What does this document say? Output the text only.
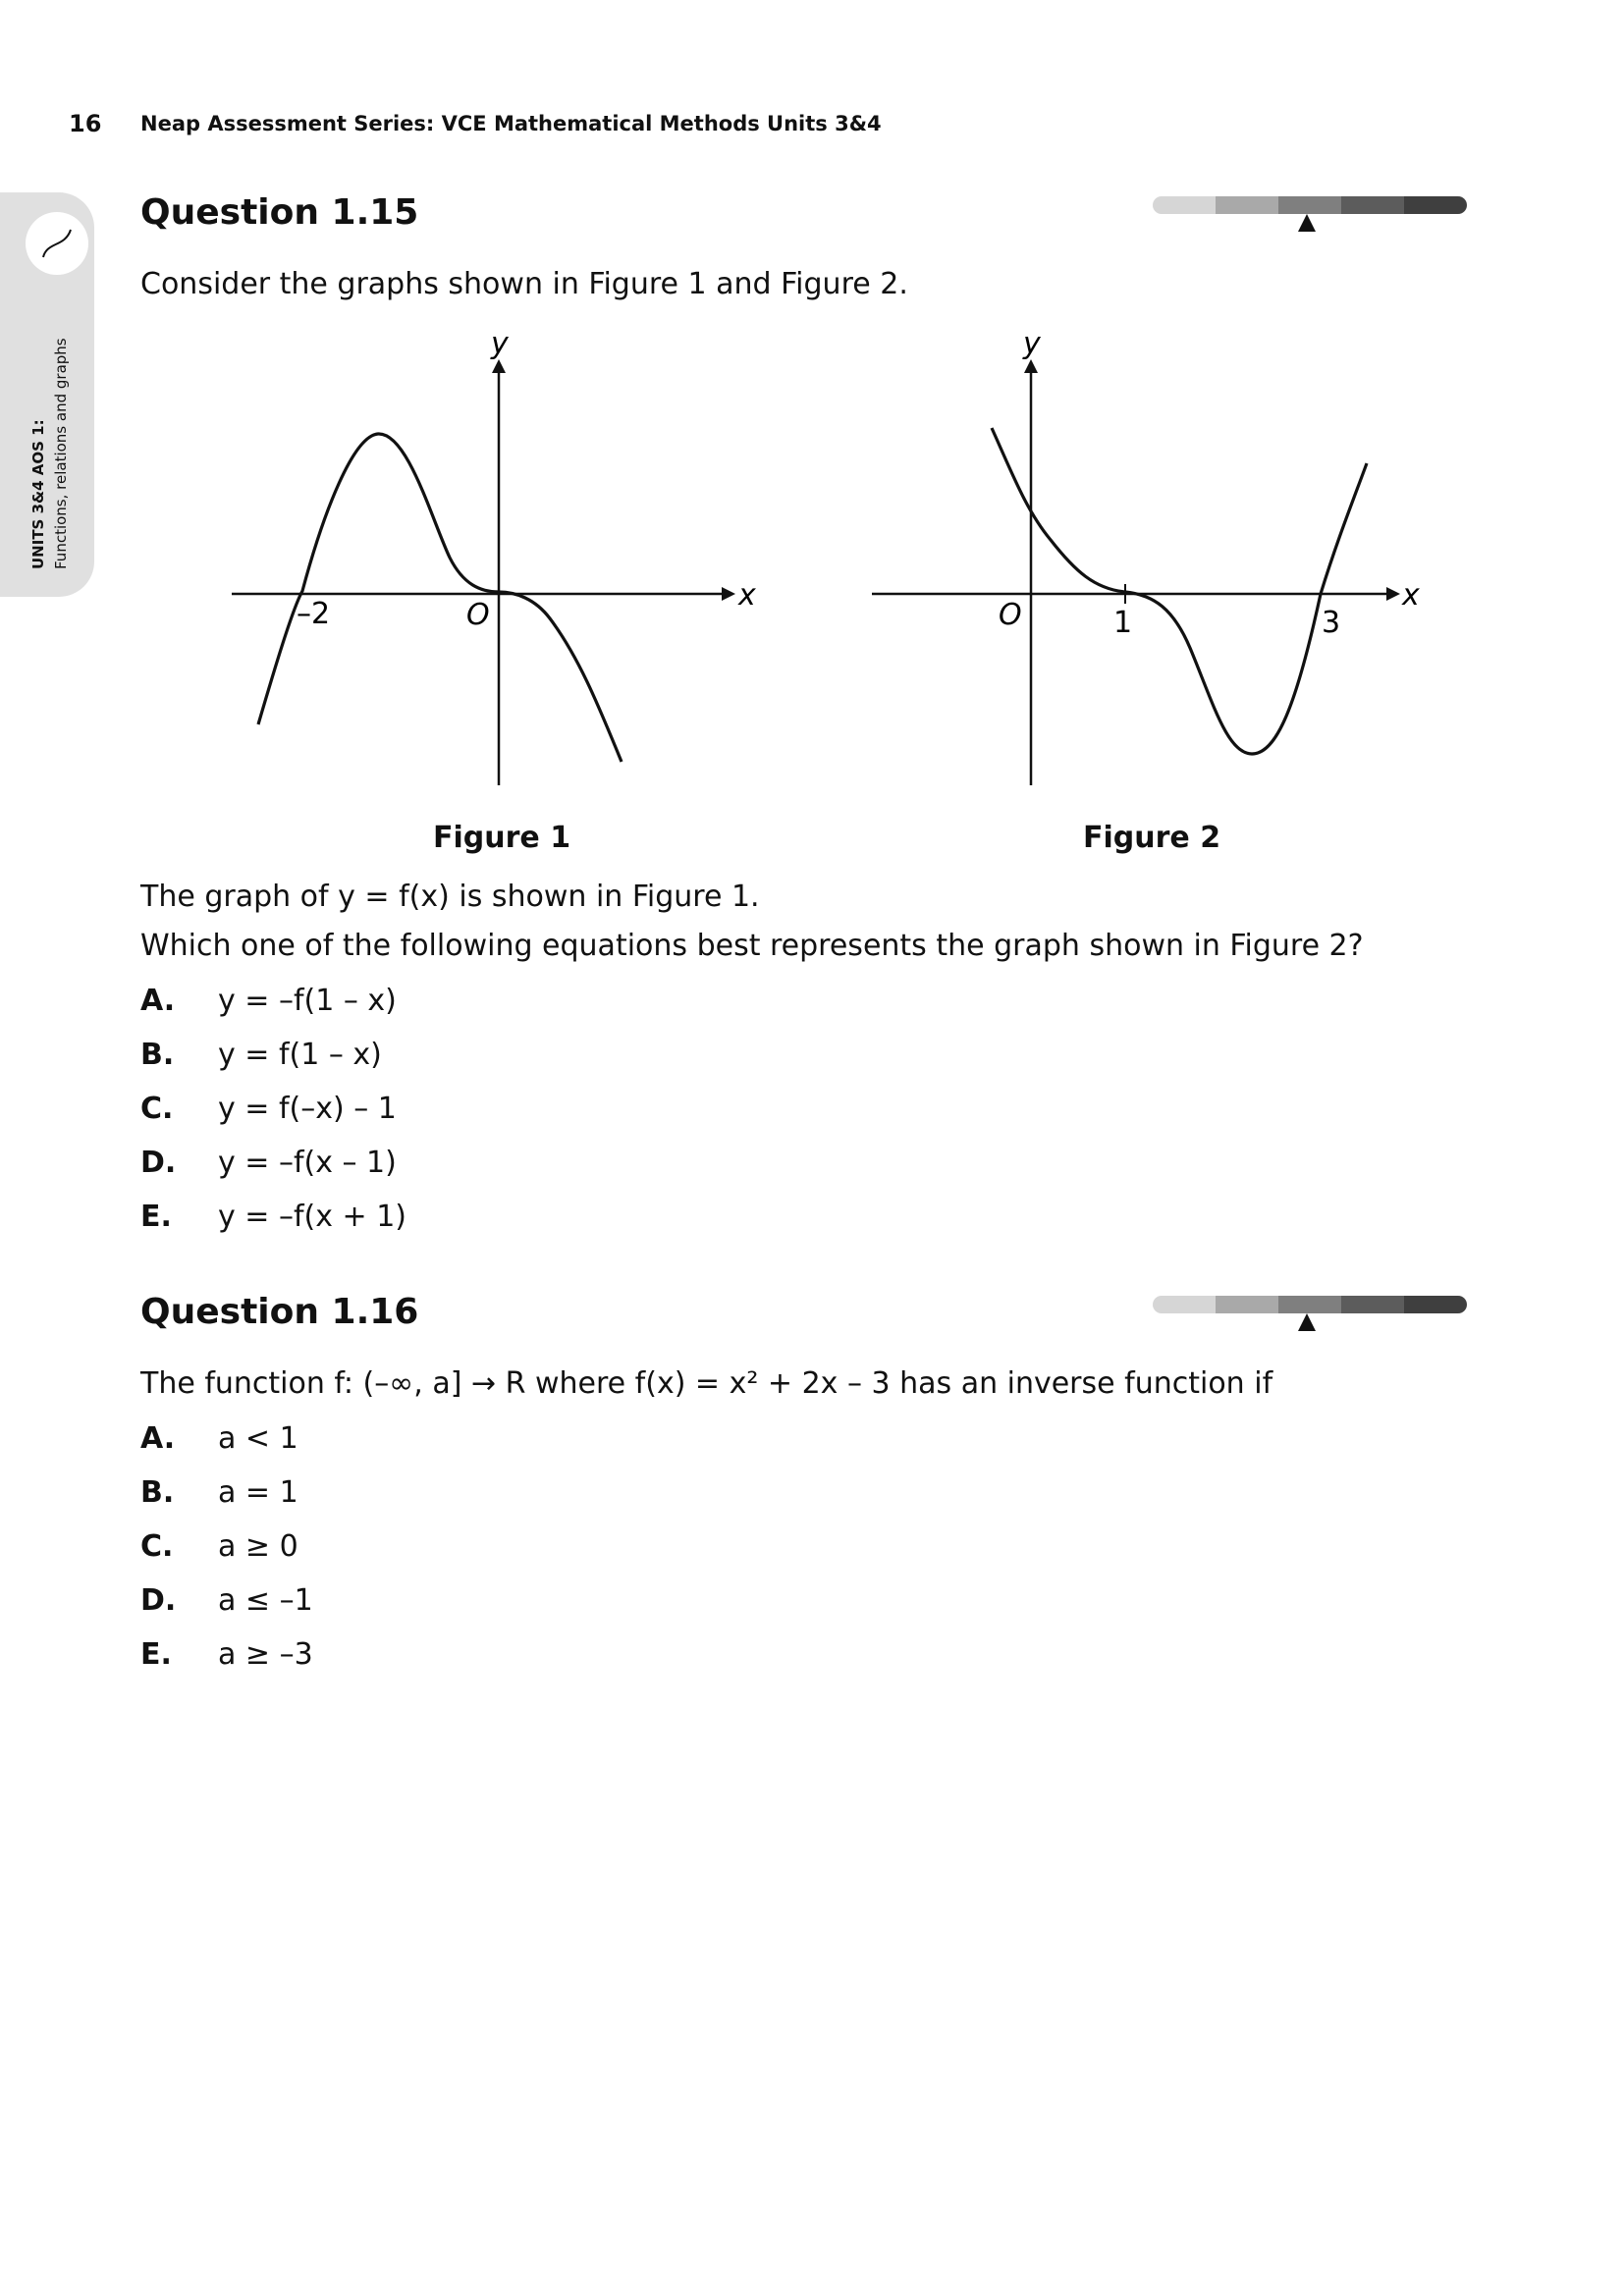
16 Neap Assessment Series: VCE Mathematical Methods Units 3&4
UNITS 3&4 AOS 1: Functions, relations and graphs
Question 1.15
Consider the graphs shown in Figure 1 and Figure 2.
y
x
O
–2
y
x
O	1	3
Figure 1	Figure 2
The graph of y = f(x) is shown in Figure 1.
Which one of the following equations best represents the graph shown in Figure 2?
A. y = –f(1 – x)
B. y = f(1 – x)
C. y = f(–x) – 1
D. y = –f(x – 1)
E. y = –f(x + 1)
Question 1.16
The function f: (–∞, a] → R where f(x) = x² + 2x – 3 has an inverse function if
A. a < 1
B. a = 1
C. a ≥ 0
D. a ≤ –1
E. a ≥ –3
